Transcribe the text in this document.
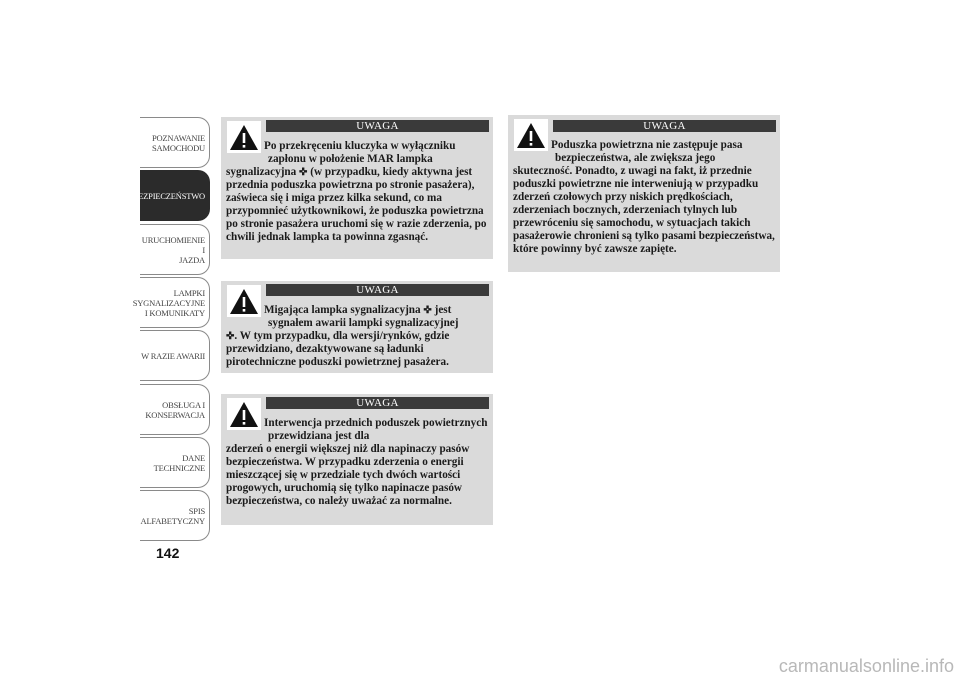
POZNAWANIE
SAMOCHODU
BEZPIECZEŃSTWO
URUCHOMIENIE I
JAZDA
LAMPKI
SYGNALIZACYJNE
I KOMUNIKATY
W RAZIE AWARII
OBSŁUGA I
KONSERWACJA
DANE
TECHNICZNE
SPIS
ALFABETYCZNY
142
UWAGA
Po przekręceniu kluczyka w wyłączniku zapłonu w położenie MAR lampka
sygnalizacyjna ✜ (w przypadku, kiedy aktywna jest przednia poduszka powietrzna po stronie pasażera), zaświeca się i miga przez kilka sekund, co ma przypomnieć użytkownikowi, że poduszka powietrzna po stronie pasażera uruchomi się w razie zderzenia, po chwili jednak lampka ta powinna zgasnąć.
UWAGA
Migająca lampka sygnalizacyjna ✜ jest sygnałem awarii lampki sygnalizacyjnej
✜. W tym przypadku, dla wersji/rynków, gdzie przewidziano, dezaktywowane są ładunki pirotechniczne poduszki powietrznej pasażera.
UWAGA
Interwencja przednich poduszek powietrznych przewidziana jest dla
zderzeń o energii większej niż dla napinaczy pasów bezpieczeństwa. W przypadku zderzenia o energii mieszczącej się w przedziale tych dwóch wartości progowych, uruchomią się tylko napinacze pasów bezpieczeństwa, co należy uważać za normalne.
UWAGA
Poduszka powietrzna nie zastępuje pasa bezpieczeństwa, ale zwiększa jego
skuteczność. Ponadto, z uwagi na fakt, iż przednie poduszki powietrzne nie interweniują w przypadku zderzeń czołowych przy niskich prędkościach, zderzeniach bocznych, zderzeniach tylnych lub przewróceniu się samochodu, w sytuacjach takich pasażerowie chronieni są tylko pasami bezpieczeństwa, które powinny być zawsze zapięte.
carmanualsonline.info
